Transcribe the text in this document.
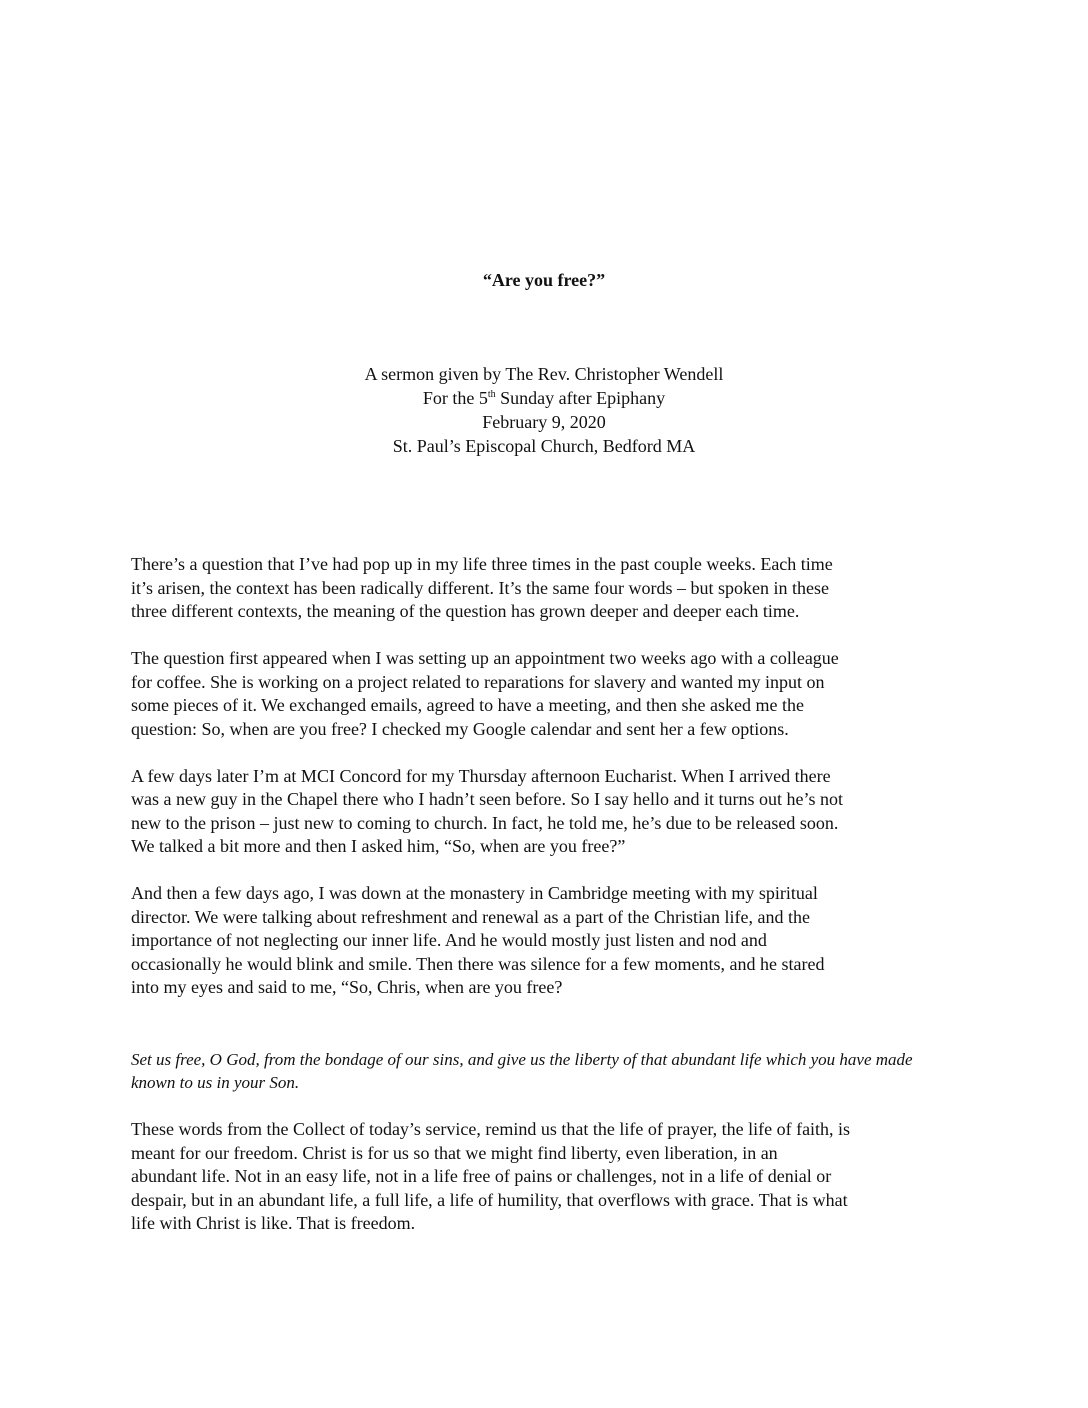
“Are you free?”
A sermon given by The Rev. Christopher Wendell
For the 5th Sunday after Epiphany
February 9, 2020
St. Paul’s Episcopal Church, Bedford MA

There’s a question that I’ve had pop up in my life three times in the past couple weeks. Each time
it’s arisen, the context has been radically different. It’s the same four words – but spoken in these
three different contexts, the meaning of the question has grown deeper and deeper each time.

The question first appeared when I was setting up an appointment two weeks ago with a colleague
for coffee. She is working on a project related to reparations for slavery and wanted my input on
some pieces of it. We exchanged emails, agreed to have a meeting, and then she asked me the
question: So, when are you free? I checked my Google calendar and sent her a few options.

A few days later I’m at MCI Concord for my Thursday afternoon Eucharist. When I arrived there
was a new guy in the Chapel there who I hadn’t seen before. So I say hello and it turns out he’s not
new to the prison – just new to coming to church. In fact, he told me, he’s due to be released soon.
We talked a bit more and then I asked him, “So, when are you free?”

And then a few days ago, I was down at the monastery in Cambridge meeting with my spiritual
director. We were talking about refreshment and renewal as a part of the Christian life, and the
importance of not neglecting our inner life. And he would mostly just listen and nod and
occasionally he would blink and smile. Then there was silence for a few moments, and he stared
into my eyes and said to me, “So, Chris, when are you free?

Set us free, O God, from the bondage of our sins, and give us the liberty of that abundant life which you have made
known to us in your Son.

These words from the Collect of today’s service, remind us that the life of prayer, the life of faith, is
meant for our freedom. Christ is for us so that we might find liberty, even liberation, in an
abundant life. Not in an easy life, not in a life free of pains or challenges, not in a life of denial or
despair, but in an abundant life, a full life, a life of humility, that overflows with grace. That is what
life with Christ is like. That is freedom.
